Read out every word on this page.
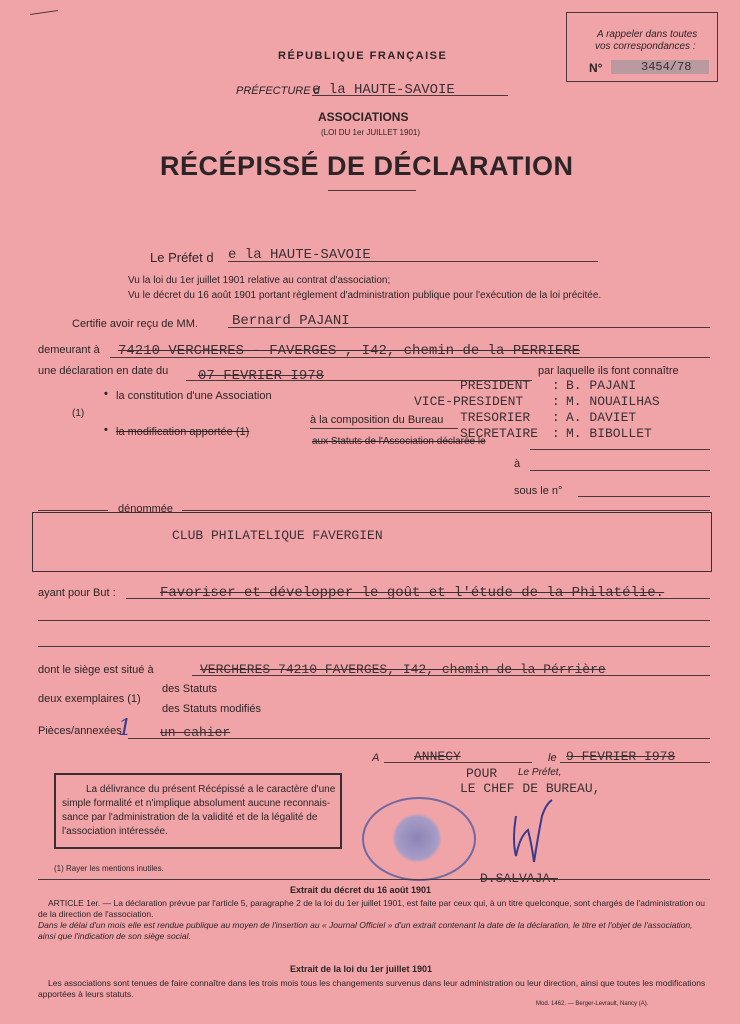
A rappeler dans toutes
vos correspondances :
N°	3454/78
RÉPUBLIQUE FRANÇAISE
PRÉFECTURE d
e la HAUTE-SAVOIE
ASSOCIATIONS
(LOI DU 1er JUILLET 1901)
RÉCÉPISSÉ DE DÉCLARATION
Le Préfet d e la HAUTE-SAVOIE
Vu la loi du 1er juillet 1901 relative au contrat d'association;
Vu le décret du 16 août 1901 portant règlement d'administration publique pour l'exécution de la loi précitée.
Certifie avoir reçu de MM. Bernard PAJANI
demeurant à 74210 VERCHERES - FAVERGES , I42, chemin de la PERRIERE
une déclaration en date du 07 FEVRIER I978	par laquelle ils font connaître
PRESIDENT : B. PAJANI
VICE-PRESIDENT : M. NOUAILHAS
TRESORIER : A. DAVIET
SECRETAIRE : M. BIBOLLET
(1)
• la constitution d'une Association
• la modification apportée (1)
à la composition du Bureau
aux Statuts de l'Association déclarée le
à
sous le n°
dénommée
CLUB PHILATELIQUE FAVERGIEN
ayant pour But :	Favoriser et développer le goût et l'étude de la Philatélie.
dont le siège est situé à	VERCHERES 74210 FAVERGES, I42, chemin de la Pérrière
deux exemplaires (1)
des Statuts
des Statuts modifiés
Pièces/annexées
1 un cahier
A	ANNECY	le 9 FEVRIER I978
POUR Le Préfet,
LE CHEF DE BUREAU,
D.SALVAJA.
La délivrance du présent Récépissé a le caractère d'une
simple formalité et n'implique absolument aucune reconnais-
sance par l'administration de la validité et de la légalité de
l'association intéressée.
(1) Rayer les mentions inutiles.
Extrait du décret du 16 août 1901

ARTICLE 1er. — La déclaration prévue par l'article 5, paragraphe 2 de la loi du 1er juillet 1901, est faite par ceux qui, à un titre quelconque, sont chargés de l'administration ou de la direction de l'association.

Dans le délai d'un mois elle est rendue publique au moyen de l'insertion au « Journal Officiel » d'un extrait contenant la date de la déclaration, le titre et l'objet de l'association, ainsi que l'indication de son siège social.

Extrait de la loi du 1er juillet 1901

Les associations sont tenues de faire connaître dans les trois mois tous les changements survenus dans leur administration ou leur direction, ainsi que toutes les modifications apportées à leurs statuts.

Mod. 1462. — Berger-Levrault, Nancy (A).
